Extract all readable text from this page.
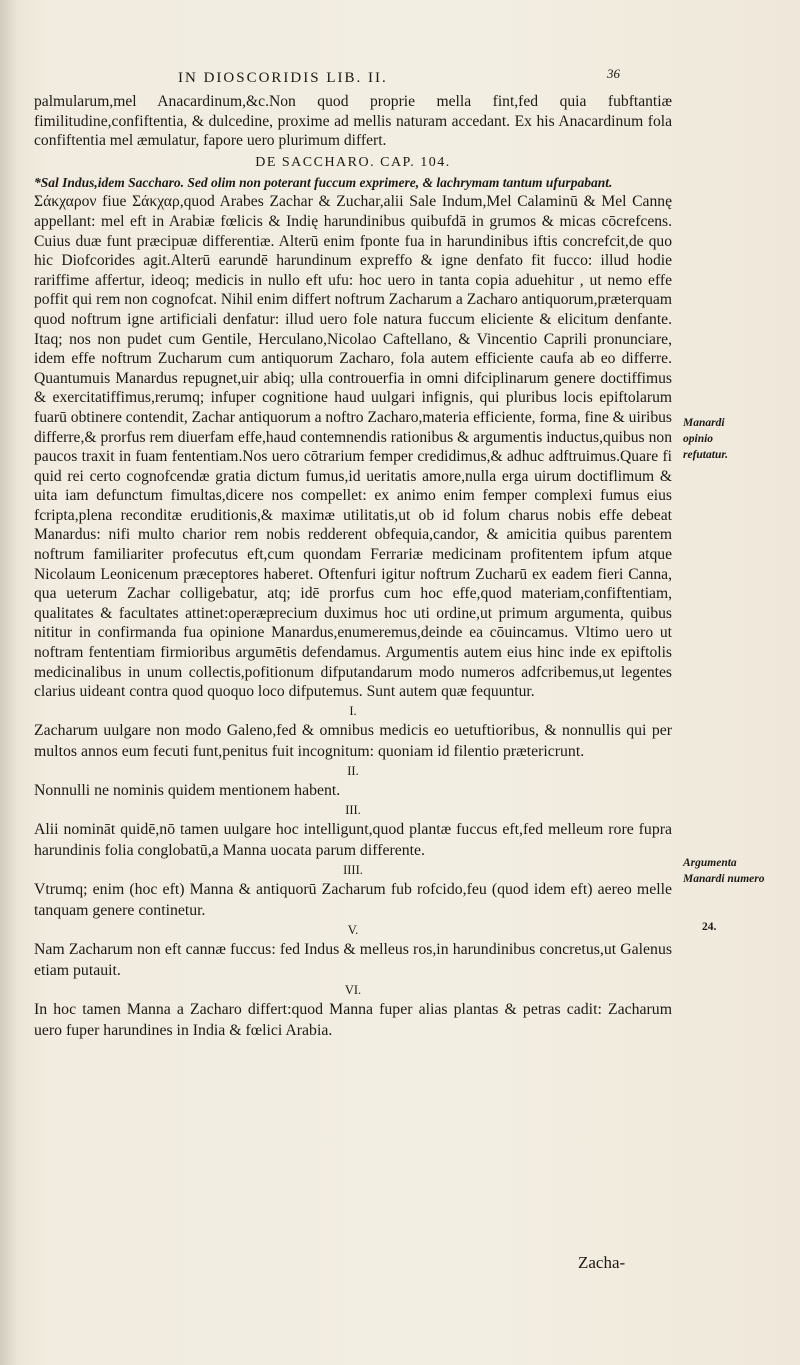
IN DIOSCORIDIS LIB. II.	36

palmularum,mel Anacardinum,&c.Non quod proprie mella fint,fed quia fubftantiæ fimilitudine,confiftentia, & dulcedine, proxime ad mellis naturam accedant. Ex his Anacardinum fola confiftentia mel æmulatur, fapore uero plurimum differt.

DE SACCHARO. CAP. 104.

*Sal Indus,idem Saccharo. Sed olim non poterant fuccum exprimere, & lachrymam tantum ufurpabant.

Σάκχαρον fiue Σάκχαρ,quod Arabes Zachar & Zuchar,alii Sale Indum,Mel Calaminū & Mel Cannę appellant: mel eft in Arabiæ fœlicis & Indię harundinibus quibufdā in grumos & micas cōcrefcens. Cuius duæ funt præcipuæ differentiæ. Alterū enim fponte fua in harundinibus iftis concrefcit,de quo hic Diofcorides agit.Alterū earundē harundinum expreffo & igne denfato fit fucco: illud hodie rariffime affertur, ideoq; medicis in nullo eft ufu: hoc uero in tanta copia aduehitur , ut nemo effe poffit qui rem non cognofcat. Nihil enim differt noftrum Zacharum a Zacharo antiquorum,præterquam quod noftrum igne artificiali denfatur: illud uero fole natura fuccum eliciente & elicitum denfante. Itaq; nos non pudet cum Gentile, Herculano,Nicolao Caftellano, & Vincentio Caprili pronunciare, idem effe noftrum Zucharum cum antiquorum Zacharo, fola autem efficiente caufa ab eo differre. Quantumuis Manardus repugnet,uir abiq; ulla controuerfia in omni difciplinarum genere doctiffimus & exercitatiffimus,rerumq; infuper cognitione haud uulgari infignis, qui pluribus locis epiftolarum fuarū obtinere contendit, Zachar antiquorum a noftro Zacharo,materia efficiente, forma, fine & uiribus differre,& prorfus rem diuerfam effe,haud contemnendis rationibus & argumentis inductus,quibus non paucos traxit in fuam fententiam.Nos uero cōtrarium femper credidimus,& adhuc adftruimus.Quare fi quid rei certo cognofcendæ gratia dictum fumus,id ueritatis amore,nulla erga uirum doctiflimum & uita iam defunctum fimultas,dicere nos compellet: ex animo enim femper complexi fumus eius fcripta,plena reconditæ eruditionis,& maximæ utilitatis,ut ob id folum charus nobis effe debeat Manardus: nifi multo charior rem nobis redderent obfequia,candor, & amicitia quibus parentem noftrum familiariter profecutus eft,cum quondam Ferrariæ medicinam profitentem ipfum atque Nicolaum Leonicenum præceptores haberet. Oftenfuri igitur noftrum Zucharū ex eadem fieri Canna, qua ueterum Zachar colligebatur, atq; idē prorfus cum hoc effe,quod materiam,confiftentiam, qualitates & facultates attinet:operæprecium duximus hoc uti ordine,ut primum argumenta, quibus nititur in confirmanda fua opinione Manardus,enumeremus,deinde ea cōuincamus. Vltimo uero ut noftram fententiam firmioribus argumētis defendamus. Argumentis autem eius hinc inde ex epiftolis medicinalibus in unum collectis,pofitionum difputandarum modo numeros adfcribemus,ut legentes clarius uideant contra quod quoquo loco difputemus. Sunt autem quæ fequuntur.

I.

Zacharum uulgare non modo Galeno,fed & omnibus medicis eo uetuftioribus, & nonnullis qui per multos annos eum fecuti funt,penitus fuit incognitum: quoniam id filentio prætericrunt.

II.

Nonnulli ne nominis quidem mentionem habent.

III.

Alii nomināt quidē,nō tamen uulgare hoc intelligunt,quod plantæ fuccus eft,fed melleum rore fupra harundinis folia conglobatū,a Manna uocata parum differente.

IIII.

Vtrumq; enim (hoc eft) Manna & antiquorū Zacharum fub rofcido,feu (quod idem eft) aereo melle tanquam genere continetur.

V.

Nam Zacharum non eft cannæ fuccus: fed Indus & melleus ros,in harundinibus concretus,ut Galenus etiam putauit.

VI.

In hoc tamen Manna a Zacharo differt:quod Manna fuper alias plantas & petras cadit: Zacharum uero fuper harundines in India & fœlici Arabia.

Zacha-
Manardi opinio refutatur.
Argumenta Manardi numero
24.
